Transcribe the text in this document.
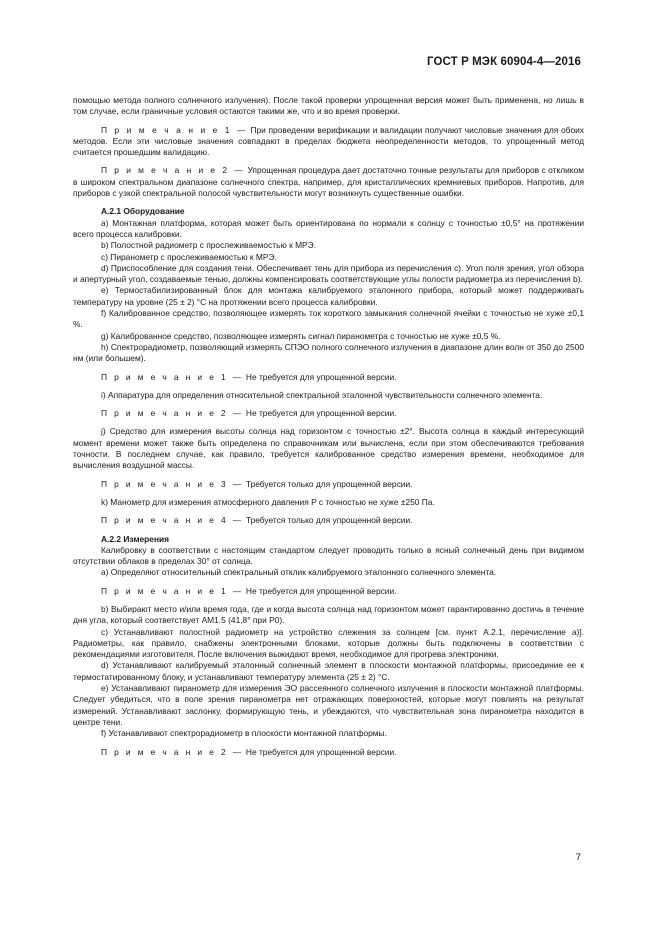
ГОСТ Р МЭК 60904-4—2016

помощью метода полного солнечного излучения). После такой проверки упрощенная версия может быть применена, но лишь в том случае, если граничные условия остаются такими же, что и во время проверки.

П р и м е ч а н и е 1 — При проведении верификации и валидации получают числовые значения для обоих методов. Если эти числовые значения совпадают в пределах бюджета неопределенности методов, то упрощенный метод считается прошедшим валидацию.

П р и м е ч а н и е 2 — Упрощенная процедура дает достаточно точные результаты для приборов с откликом в широком спектральном диапазоне солнечного спектра, например, для кристаллических кремниевых приборов. Напротив, для приборов с узкой спектральной полосой чувствительности могут возникнуть существенные ошибки.

A.2.1 Оборудование

a) Монтажная платформа, которая может быть ориентирована по нормали к солнцу с точностью ±0,5° на протяжении всего процесса калибровки.

b) Полостной радиометр с прослеживаемостью к МРЭ.

c) Пиранометр с прослеживаемостью к МРЭ.

d) Приспособление для создания тени. Обеспечивает тень для прибора из перечисления с). Угол поля зрения, угол обзора и апертурный угол, создаваемые тенью, должны компенсировать соответствующие углы полости радиометра из перечисления b).

e) Термостабилизированный блок для монтажа калибруемого эталонного прибора, который может поддерживать температуру на уровне (25 ± 2) °С на протяжении всего процесса калибровки.

f) Калиброванное средство, позволяющее измерять ток короткого замыкания солнечной ячейки с точностью не хуже ±0,1 %.

g) Калиброванное средство, позволяющее измерять сигнал пиранометра с точностью не хуже ±0,5 %.

h) Спектрорадиометр, позволяющий измерять СПЭО полного солнечного излучения в диапазоне длин волн от 350 до 2500 нм (или большем).

П р и м е ч а н и е 1 — Не требуется для упрощенной версии.

i) Аппаратура для определения относительной спектральной эталонной чувствительности солнечного элемента.

П р и м е ч а н и е 2 — Не требуется для упрощенной версии.

j) Средство для измерения высоты солнца над горизонтом с точностью ±2°. Высота солнца в каждый интересующий момент времени может также быть определена по справочникам или вычислена, если при этом обеспечиваются требования точности. В последнем случае, как правило, требуется калиброванное средство измерения времени, необходимое для вычисления воздушной массы.

П р и м е ч а н и е 3 — Требуется только для упрощенной версии.

k) Манометр для измерения атмосферного давления P с точностью не хуже ±250 Па.

П р и м е ч а н и е 4 — Требуется только для упрощенной версии.

A.2.2 Измерения

Калибровку в соответствии с настоящим стандартом следует проводить только в ясный солнечный день при видимом отсутствии облаков в пределах 30° от солнца.

a) Определяют относительный спектральный отклик калибруемого эталонного солнечного элемента.

П р и м е ч а н и е 1 — Не требуется для упрощенной версии.

b) Выбирают место и/или время года, где и когда высота солнца над горизонтом может гарантированно достичь в течение дня угла, который соответствует АМ1.5 (41,8° при P0).

c) Устанавливают полостной радиометр на устройство слежения за солнцем [см. пункт A.2.1, перечисление а)]. Радиометры, как правило, снабжены электронными блоками, которые должны быть подключены в соответствии с рекомендациями изготовителя. После включения выжидают время, необходимое для прогрева электроники.

d) Устанавливают калибруемый эталонный солнечный элемент в плоскости монтажной платформы, присоединие ее к термостатированному блоку, и устанавливают температуру элемента (25 ± 2) °С.

e) Устанавливают пиранометр для измерения ЭО рассеянного солнечного излучения в плоскости монтажной платформы. Следует убедиться, что в поле зрения пиранометра нет отражающих поверхностей, которые могут повлиять на результат измерений. Устанавливают заслонку, формирующую тень, и убеждаются, что чувствительная зона пиранометра находится в центре тени.

f) Устанавливают спектрорадиометр в плоскости монтажной платформы.

П р и м е ч а н и е 2 — Не требуется для упрощенной версии.

7
